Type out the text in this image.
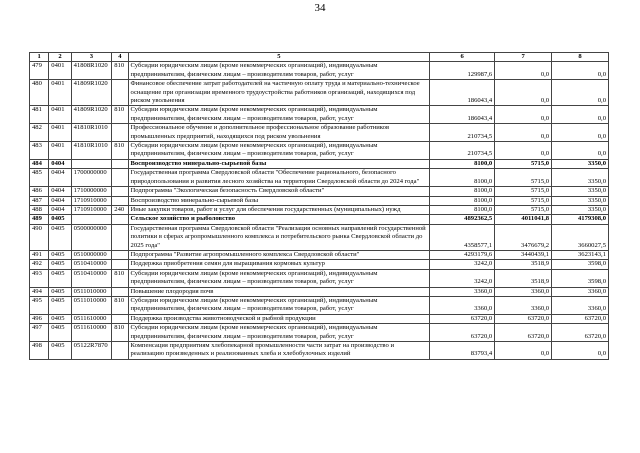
34
1	2	3	4	5	6	7	8
479	0401	41808R1020	810	Субсидии юридическим лицам (кроме некоммерческих организаций), индивидуальным предпринимателям, физическим лицам – производителям товаров, работ, услуг	129987,6	0,0	0,0
480	0401	41809R1020		Финансовое обеспечение затрат работодателей на частичную оплату труда и материально-техническое оснащение при организации временного трудоустройства работников организаций, находящихся под риском увольнения	186043,4	0,0	0,0
481	0401	41809R1020	810	Субсидии юридическим лицам (кроме некоммерческих организаций), индивидуальным предпринимателям, физическим лицам – производителям товаров, работ, услуг	186043,4	0,0	0,0
482	0401	41810R1010		Профессиональное обучение и дополнительное профессиональное образование работников промышленных предприятий, находящихся под риском увольнения	210734,5	0,0	0,0
483	0401	41810R1010	810	Субсидии юридическим лицам (кроме некоммерческих организаций), индивидуальным предпринимателям, физическим лицам – производителям товаров, работ, услуг	210734,5	0,0	0,0
484	0404			Воспроизводство минерально-сырьевой базы	8100,0	5715,0	3350,0
485	0404	1700000000		Государственная программа Свердловской области "Обеспечение рационального, безопасного природопользования и развития лесного хозяйства на территории Свердловской области до 2024 года"	8100,0	5715,0	3350,0
486	0404	1710000000		Подпрограмма "Экологическая безопасность Свердловской области"	8100,0	5715,0	3350,0
487	0404	1710910000		Воспроизводство минерально-сырьевой базы	8100,0	5715,0	3350,0
488	0404	1710910000	240	Иные закупки товаров, работ и услуг для обеспечения государственных (муниципальных) нужд	8100,0	5715,0	3350,0
489	0405			Сельское хозяйство и рыболовство	4892362,5	4011041,8	4179308,0
490	0405	0500000000		Государственная программа Свердловской области "Реализация основных направлений государственной политики в сферах агропромышленного комплекса и потребительского рынка Свердловской области до 2025 года"	4358577,1	3476679,2	3660027,5
491	0405	0510000000		Подпрограмма "Развитие агропромышленного комплекса Свердловской области"	4293179,6	3440439,1	3623143,1
492	0405	0510410000		Поддержка приобретения семян для выращивания кормовых культур	3242,0	3518,9	3598,0
493	0405	0510410000	810	Субсидии юридическим лицам (кроме некоммерческих организаций), индивидуальным предпринимателям, физическим лицам – производителям товаров, работ, услуг	3242,0	3518,9	3598,0
494	0405	0511010000		Повышение плодородия почв	3360,0	3360,0	3360,0
495	0405	0511010000	810	Субсидии юридическим лицам (кроме некоммерческих организаций), индивидуальным предпринимателям, физическим лицам – производителям товаров, работ, услуг	3360,0	3360,0	3360,0
496	0405	0511610000		Поддержка производства животноводческой и рыбной продукции	63720,0	63720,0	63720,0
497	0405	0511610000	810	Субсидии юридическим лицам (кроме некоммерческих организаций), индивидуальным предпринимателям, физическим лицам – производителям товаров, работ, услуг	63720,0	63720,0	63720,0
498	0405	05122R7870		Компенсация предприятиям хлебопекарной промышленности части затрат на производство и реализацию произведенных и реализованных хлеба и хлебобулочных изделий	83793,4	0,0	0,0
